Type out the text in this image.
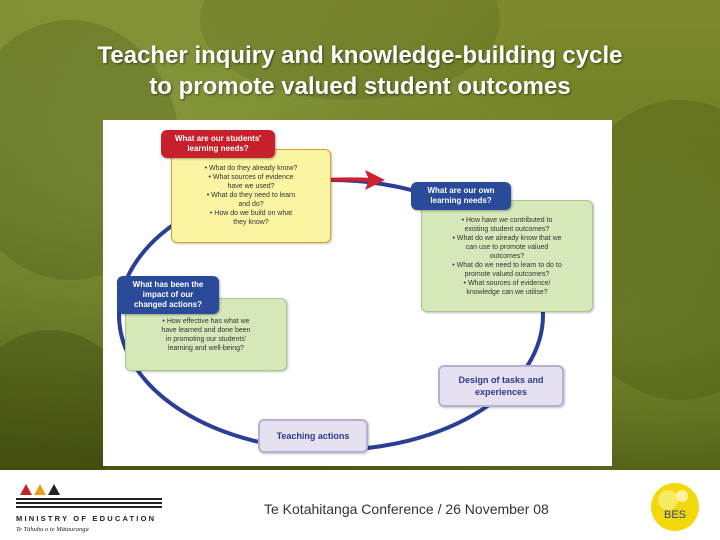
Teacher inquiry and knowledge-building cycle
to promote valued student outcomes
• What do they already know?
• What sources of evidence
have we used?
• What do they need to learn
and do?
• How do we build on what
they know?
What are our students'
learning needs?
• How have we contributed to
existing student outcomes?
• What do we already know that we
can use to promote valued
outcomes?
• What do we need to learn to do to
promote valued outcomes?
• What sources of evidence/
knowledge can we utilise?
What are our own
learning needs?
• How effective has what we
have learned and done been
in promoting our students'
learning and well-being?
What has been the
impact of our
changed actions?
Design of tasks and
experiences
Teaching actions
MINISTRY OF EDUCATION
Te Tāhuhu o te Mātauranga
Te Kotahitanga Conference / 26 November 08	BES
